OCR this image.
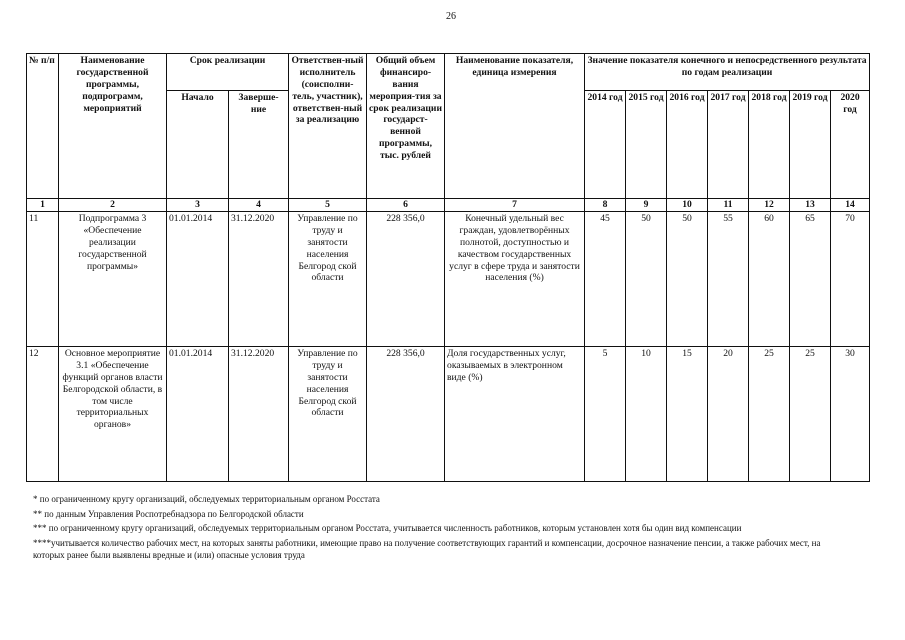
26
№ п/п	Наименование государственной программы, подпрограмм, мероприятий	Срок реализации		Ответствен-ный исполнитель (соисполни-тель, участник), ответствен-ный за реализацию	Общий объем финансиро-вания мероприя-тия за срок реализации государст-венной программы, тыс. рублей	Наименование показателя, единица измерения	Значение показателя конечного и непосредственного результата по годам реализации						
		Начало	Заверше-ние				2014 год	2015 год	2016 год	2017 год	2018 год	2019 год	2020 год
1	2	3	4	5	6	7	8	9	10	11	12	13	14
11	Подпрограмма 3 «Обеспечение реализации государственной программы»	01.01.2014	31.12.2020	Управление по труду и занятости населения Белгород ской области	228 356,0	Конечный удельный вес граждан, удовлетворённых полнотой, доступностью и качеством государственных услуг в сфере труда и занятости населения (%)	45	50	50	55	60	65	70
12	Основное мероприятие 3.1 «Обеспечение функций органов власти Белгородской области, в том числе территориальных органов»	01.01.2014	31.12.2020	Управление по труду и занятости населения Белгород ской области	228 356,0	Доля государственных услуг, оказываемых в электронном виде (%)	5	10	15	20	25	25	30
* по ограниченному кругу организаций, обследуемых территориальным органом Росстата
** по данным Управления Роспотребнадзора по Белгородской области
*** по ограниченному кругу организаций, обследуемых территориальным органом Росстата, учитывается численность работников, которым установлен хотя бы один вид компенсации
****учитывается количество рабочих мест, на которых заняты работники, имеющие право на получение соответствующих гарантий и компенсации, досрочное назначение пенсии, а также рабочих мест, на которых ранее были выявлены вредные и (или) опасные условия труда
